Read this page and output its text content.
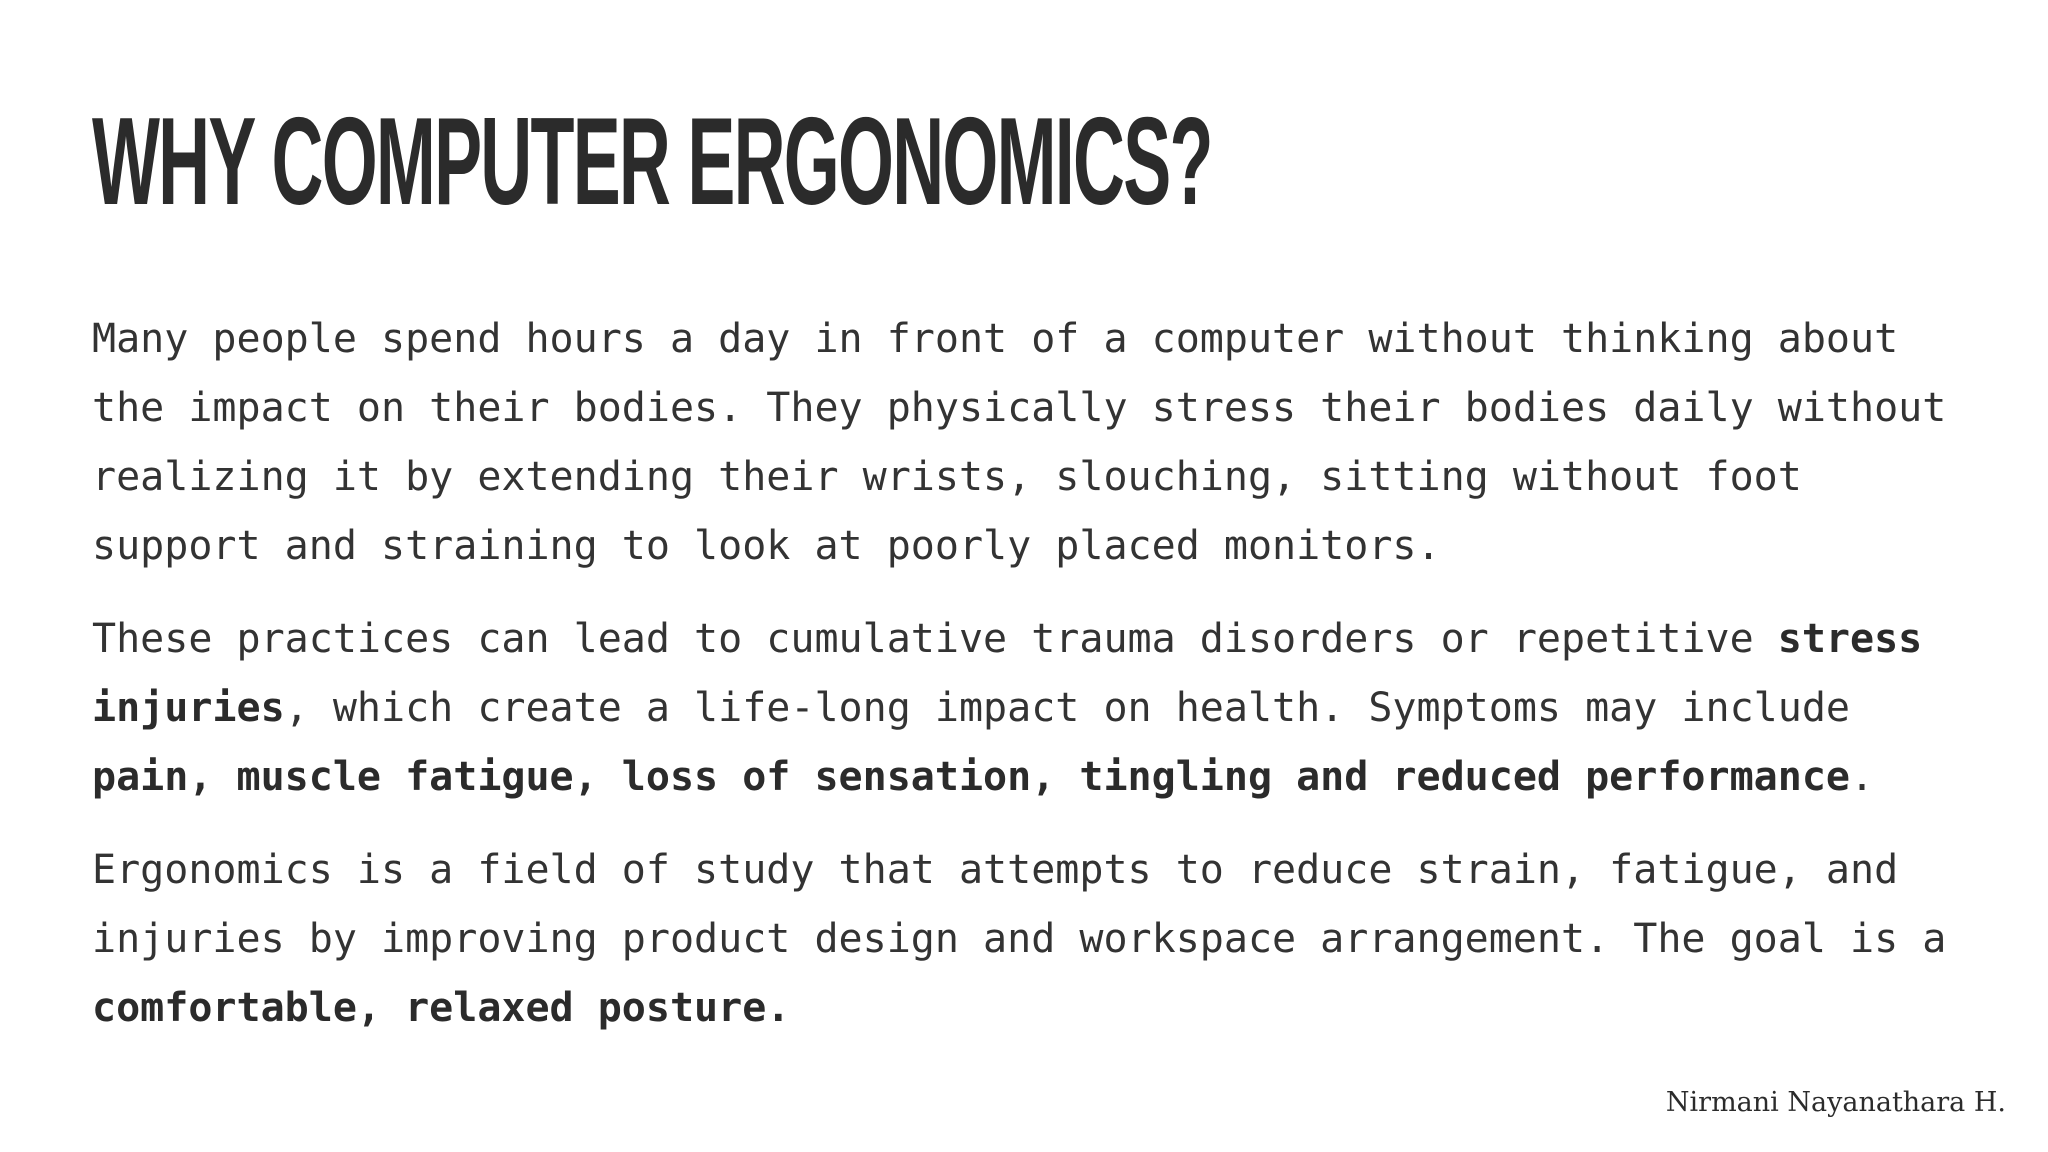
WHY COMPUTER ERGONOMICS?

Many people spend hours a day in front of a computer without thinking about
the impact on their bodies. They physically stress their bodies daily without
realizing it by extending their wrists, slouching, sitting without foot
support and straining to look at poorly placed monitors.

These practices can lead to cumulative trauma disorders or repetitive stress
injuries, which create a life-long impact on health. Symptoms may include
pain, muscle fatigue, loss of sensation, tingling and reduced performance.

Ergonomics is a field of study that attempts to reduce strain, fatigue, and
injuries by improving product design and workspace arrangement. The goal is a
comfortable, relaxed posture.

Nirmani Nayanathara H.
